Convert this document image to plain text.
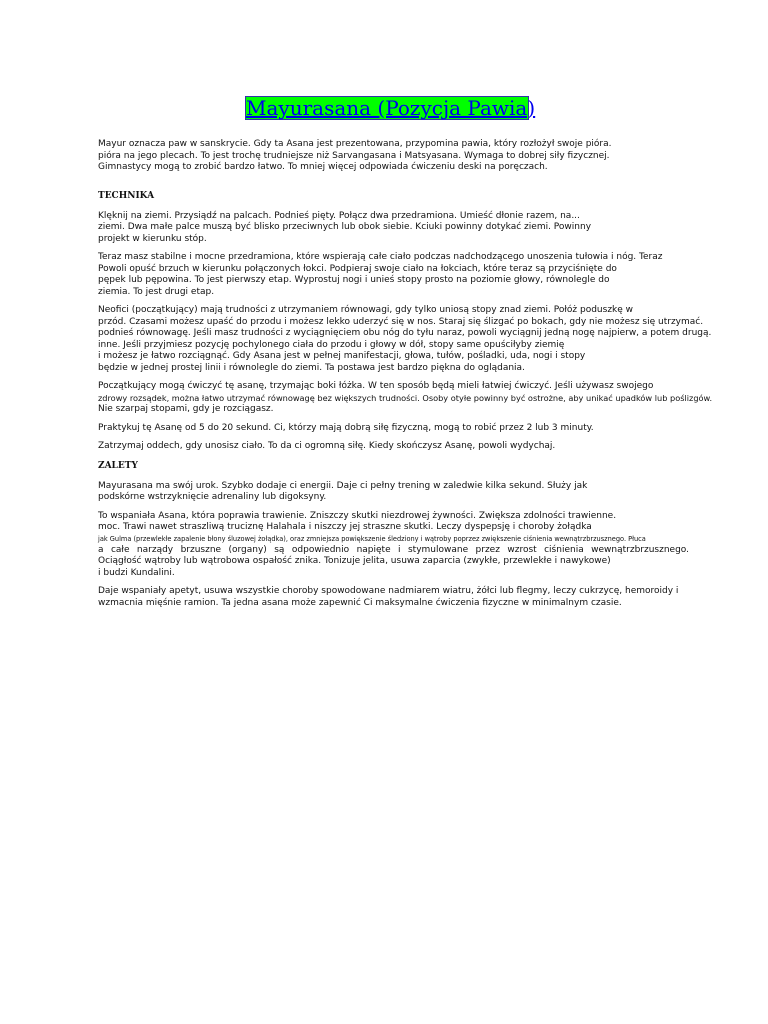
Mayurasana (Pozycja Pawia)

Mayur oznacza paw w sanskrycie. Gdy ta Asana jest prezentowana, przypomina pawia, który rozłożył swoje pióra.
pióra na jego plecach. To jest trochę trudniejsze niż Sarvangasana i Matsyasana. Wymaga to dobrej siły fizycznej.
Gimnastycy mogą to zrobić bardzo łatwo. To mniej więcej odpowiada ćwiczeniu deski na poręczach.

TECHNIKA

Klęknij na ziemi. Przysiądź na palcach. Podnieś pięty. Połącz dwa przedramiona. Umieść dłonie razem, na...
ziemi. Dwa małe palce muszą być blisko przeciwnych lub obok siebie. Kciuki powinny dotykać ziemi. Powinny
projekt w kierunku stóp.

Teraz masz stabilne i mocne przedramiona, które wspierają całe ciało podczas nadchodzącego unoszenia tułowia i nóg. Teraz
Powoli opuść brzuch w kierunku połączonych łokci. Podpieraj swoje ciało na łokciach, które teraz są przyciśnięte do
pępek lub pępowina. To jest pierwszy etap. Wyprostuj nogi i unieś stopy prosto na poziomie głowy, równolegle do
ziemia. To jest drugi etap.

Neofici (początkujący) mają trudności z utrzymaniem równowagi, gdy tylko uniosą stopy znad ziemi. Połóż poduszkę w
przód. Czasami możesz upaść do przodu i możesz lekko uderzyć się w nos. Staraj się ślizgać po bokach, gdy nie możesz się utrzymać.
podnieś równowagę. Jeśli masz trudności z wyciągnięciem obu nóg do tyłu naraz, powoli wyciągnij jedną nogę najpierw, a potem drugą.
inne. Jeśli przyjmiesz pozycję pochylonego ciała do przodu i głowy w dół, stopy same opuściłyby ziemię
i możesz je łatwo rozciągnąć. Gdy Asana jest w pełnej manifestacji, głowa, tułów, pośladki, uda, nogi i stopy
będzie w jednej prostej linii i równolegle do ziemi. Ta postawa jest bardzo piękna do oglądania.

Początkujący mogą ćwiczyć tę asanę, trzymając boki łóżka. W ten sposób będą mieli łatwiej ćwiczyć. Jeśli używasz swojego
zdrowy rozsądek, można łatwo utrzymać równowagę bez większych trudności. Osoby otyłe powinny być ostrożne, aby unikać upadków lub poślizgów.
Nie szarpaj stopami, gdy je rozciągasz.

Praktykuj tę Asanę od 5 do 20 sekund. Ci, którzy mają dobrą siłę fizyczną, mogą to robić przez 2 lub 3 minuty.

Zatrzymaj oddech, gdy unosisz ciało. To da ci ogromną siłę. Kiedy skończysz Asanę, powoli wydychaj.

ZALETY

Mayurasana ma swój urok. Szybko dodaje ci energii. Daje ci pełny trening w zaledwie kilka sekund. Służy jak
podskórne wstrzyknięcie adrenaliny lub digoksyny.

To wspaniała Asana, która poprawia trawienie. Zniszczy skutki niezdrowej żywności. Zwiększa zdolności trawienne.
moc. Trawi nawet straszliwą truciznę Halahala i niszczy jej straszne skutki. Leczy dyspepsję i choroby żołądka
jak Gulma (przewlekłe zapalenie błony śluzowej żołądka), oraz zmniejsza powiększenie śledziony i wątroby poprzez zwiększenie ciśnienia wewnątrzbrzusznego. Płuca
a całe narządy brzuszne (organy) są odpowiednio napięte i stymulowane przez wzrost ciśnienia wewnątrzbrzusznego.
Ociągłość wątroby lub wątrobowa ospałość znika. Tonizuje jelita, usuwa zaparcia (zwykłe, przewlekłe i nawykowe)
i budzi Kundalini.

Daje wspaniały apetyt, usuwa wszystkie choroby spowodowane nadmiarem wiatru, żółci lub flegmy, leczy cukrzycę, hemoroidy i
wzmacnia mięśnie ramion. Ta jedna asana może zapewnić Ci maksymalne ćwiczenia fizyczne w minimalnym czasie.
